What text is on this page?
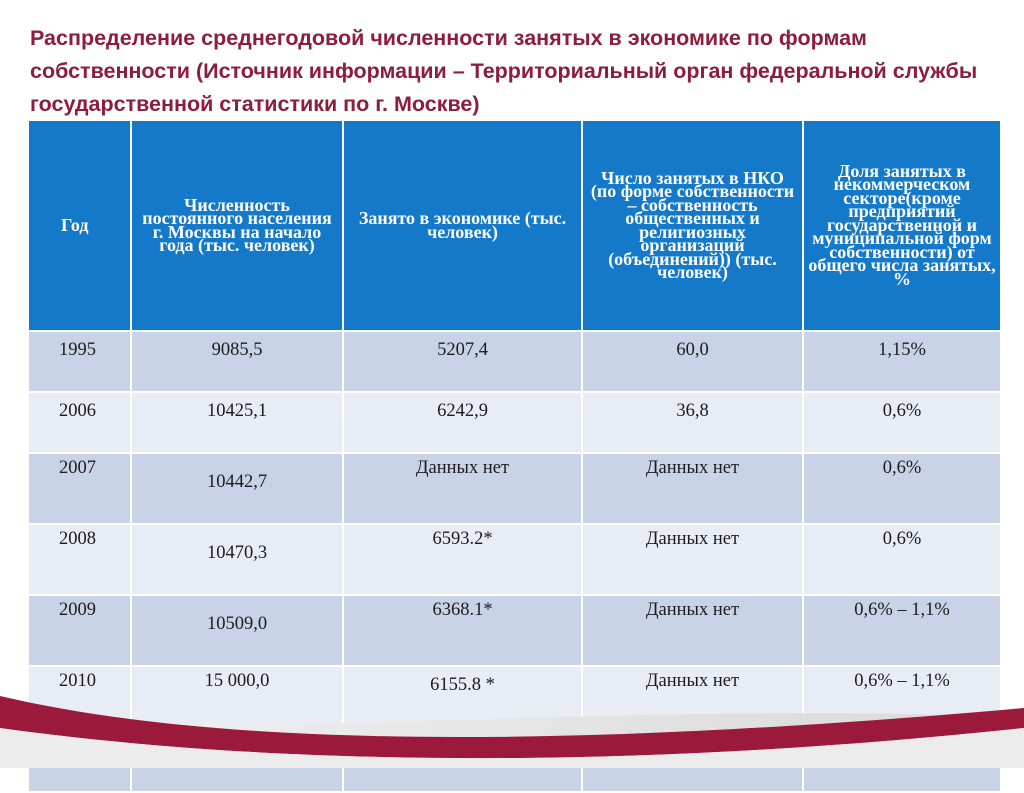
Распределение среднегодовой численности занятых в экономике по формам собственности (Источник информации – Территориальный орган федеральной службы государственной статистики по г. Москве)
Год	Численность постоянного населения г. Москвы на начало года (тыс. человек)	Занято в экономике (тыс. человек)	Число занятых в НКО (по форме собственности – собственность общественных и религиозных организаций (объединений)) (тыс. человек)	Доля занятых в некоммерческом секторе(кроме предприятий государственной и муниципальной форм собственности) от общего числа занятых, %
1995	9085,5	5207,4	60,0	1,15%
2006	10425,1	6242,9	36,8	0,6%
2007	10442,7	Данных нет	Данных нет	0,6%
2008	10470,3	6593.2*	Данных нет	0,6%
2009	10509,0	6368.1*	Данных нет	0,6% – 1,1%
2010	15 000,0	6155.8 *	Данных нет	0,6% – 1,1%
